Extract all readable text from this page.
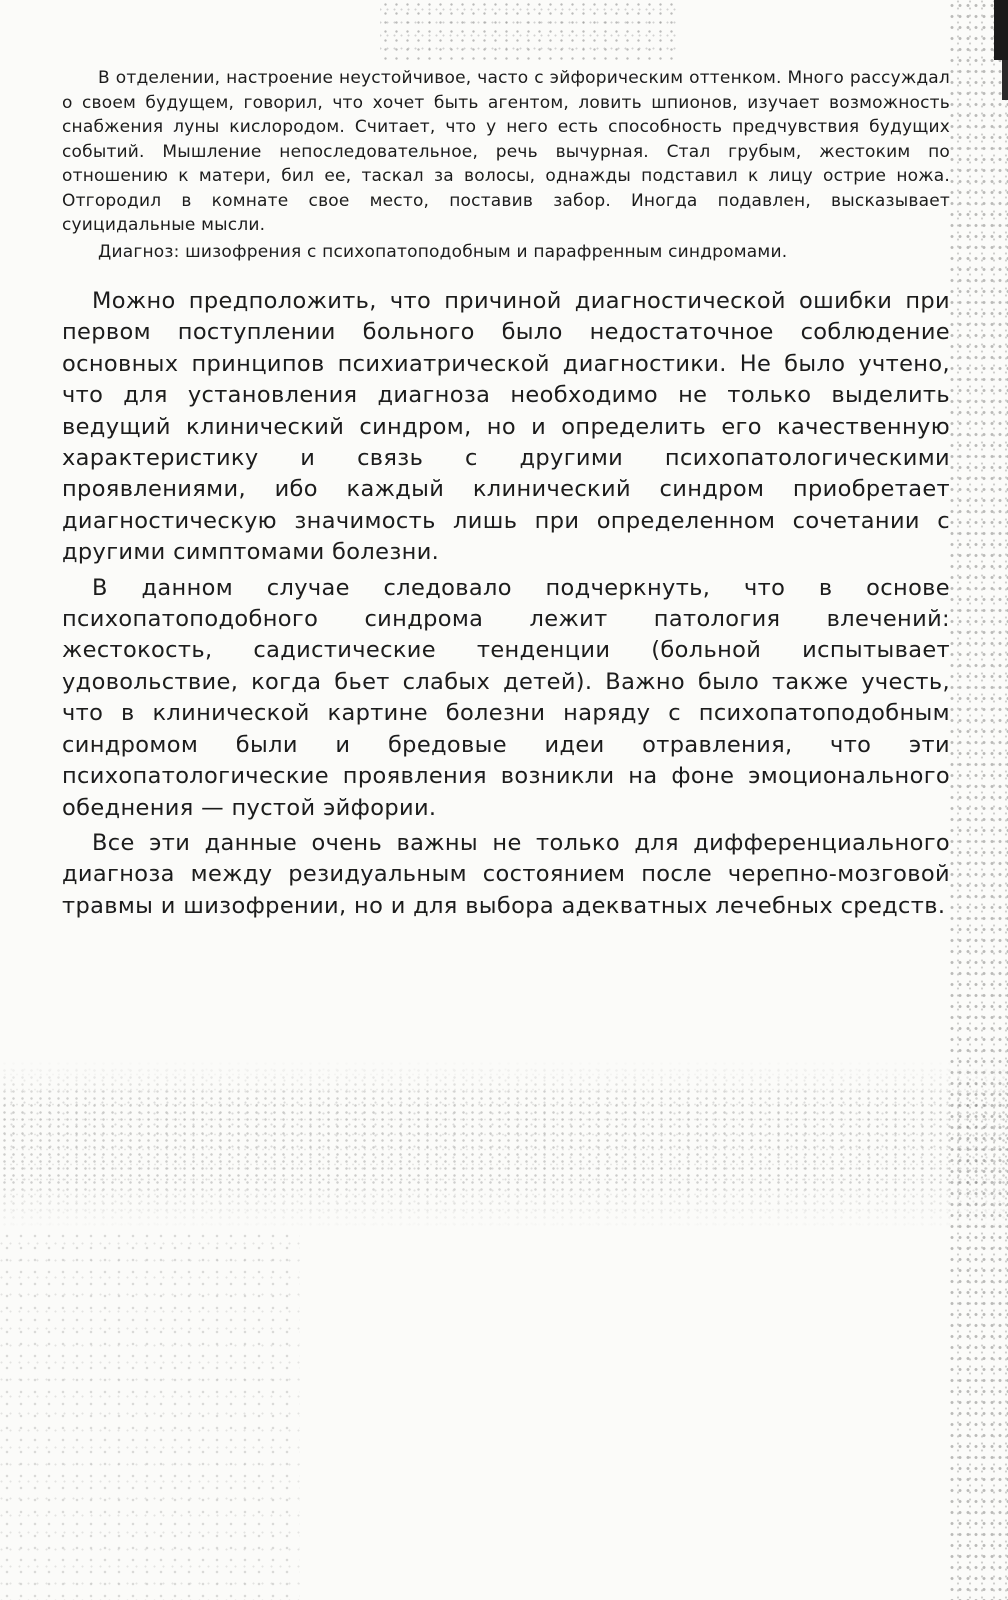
В отделении, настроение неустойчивое, часто с эйфорическим оттенком. Много рассуждал о своем будущем, говорил, что хочет быть агентом, ловить шпионов, изучает возможность снабжения луны кислородом. Считает, что у него есть способность предчувствия будущих событий. Мышление непоследовательное, речь вычурная. Стал грубым, жестоким по отношению к матери, бил ее, таскал за волосы, однажды подставил к лицу острие ножа. Отгородил в комнате свое место, поставив забор. Иногда подавлен, высказывает суицидальные мысли.

Диагноз: шизофрения с психопатоподобным и парафренным синдромами.

Можно предположить, что причиной диагностической ошибки при первом поступлении больного было недостаточное соблюдение основных принципов психиатрической диагностики. Не было учтено, что для установления диагноза необходимо не только выделить ведущий клинический синдром, но и определить его качественную характеристику и связь с другими психопатологическими проявлениями, ибо каждый клинический синдром приобретает диагностическую значимость лишь при определенном сочетании с другими симптомами болезни.

В данном случае следовало подчеркнуть, что в основе психопатоподобного синдрома лежит патология влечений: жестокость, садистические тенденции (больной испытывает удовольствие, когда бьет слабых детей). Важно было также учесть, что в клинической картине болезни наряду с психопатоподобным синдромом были и бредовые идеи отравления, что эти психопатологические проявления возникли на фоне эмоционального обеднения — пустой эйфории.

Все эти данные очень важны не только для дифференциального диагноза между резидуальным состоянием после черепно-мозговой травмы и шизофрении, но и для выбора адекватных лечебных средств.
